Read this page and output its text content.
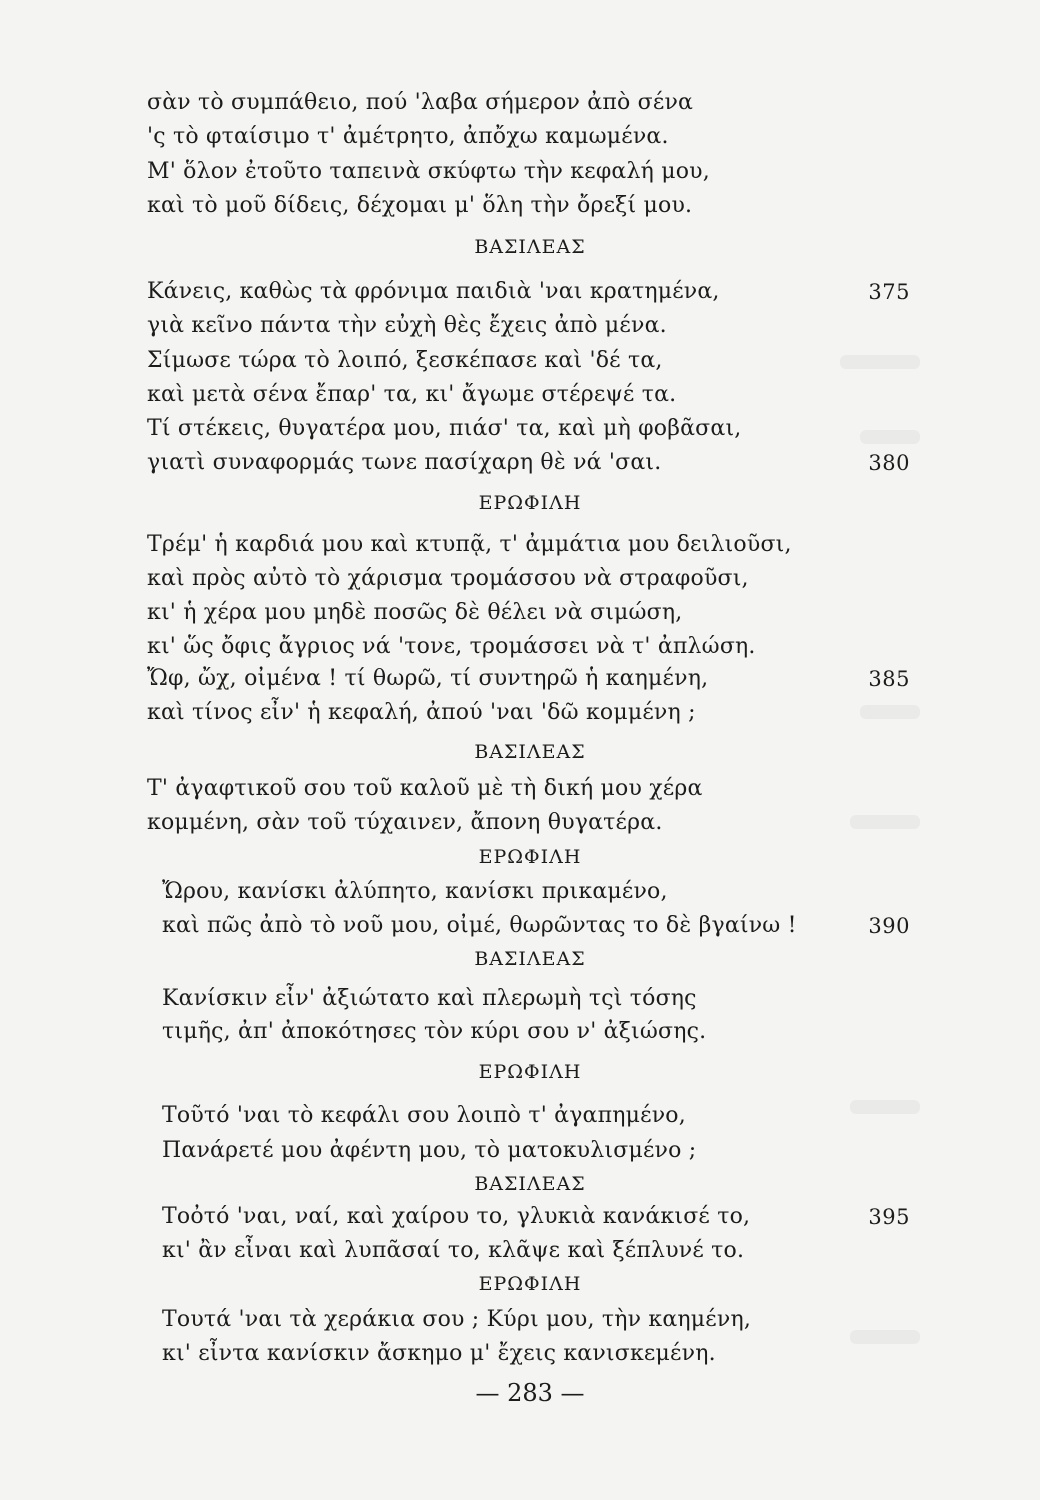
σὰν τὸ συμπάθειο, πού 'λαβα σήμερον ἀπὸ σένα
'ς τὸ φταίσιμο τ' ἀμέτρητο, ἀπὄχω καμωμένα.
Μ' ὅλον ἐτοῦτο ταπεινὰ σκύφτω τὴν κεφαλή μου,
καὶ τὸ μοῦ δίδεις, δέχομαι μ' ὅλη τὴν ὄρεξί μου.
ΒΑΣΙΛΕΑΣ
Κάνεις, καθὼς τὰ φρόνιμα παιδιὰ 'ναι κρατημένα,	375
γιὰ κεῖνο πάντα τὴν εὐχὴ θὲς ἔχεις ἀπὸ μένα.
Σίμωσε τώρα τὸ λοιπό, ξεσκέπασε καὶ 'δέ τα,
καὶ μετὰ σένα ἔπαρ' τα, κι' ἄγωμε στέρεψέ τα.
Τί στέκεις, θυγατέρα μου, πιάσ' τα, καὶ μὴ φοβᾶσαι,
γιατὶ συναφορμάς τωνε πασίχαρη θὲ νά 'σαι.	380
ΕΡΩΦΙΛΗ
Τρέμ' ἡ καρδιά μου καὶ κτυπᾷ, τ' ἀμμάτια μου δειλιοῦσι,
καὶ πρὸς αὐτὸ τὸ χάρισμα τρομάσσου νὰ στραφοῦσι,
κι' ἡ χέρα μου μηδὲ ποσῶς δὲ θέλει νὰ σιμώση,
κι' ὥς ὄφις ἄγριος νά 'τονε, τρομάσσει νὰ τ' ἀπλώση.
Ὤφ, ὤχ, οἰμένα ! τί θωρῶ, τί συντηρῶ ἡ καημένη,	385
καὶ τίνος εἶν' ἡ κεφαλή, ἀπού 'ναι 'δῶ κομμένη ;
ΒΑΣΙΛΕΑΣ
Τ' ἀγαφτικοῦ σου τοῦ καλοῦ μὲ τὴ δική μου χέρα
κομμένη, σὰν τοῦ τύχαινεν, ἄπονη θυγατέρα.
ΕΡΩΦΙΛΗ
Ὤρου, κανίσκι ἀλύπητο, κανίσκι πρικαμένο,
καὶ πῶς ἀπὸ τὸ νοῦ μου, οἰμέ, θωρῶντας το δὲ βγαίνω !	390
ΒΑΣΙΛΕΑΣ
Κανίσκιν εἶν' ἀξιώτατο καὶ πλερωμὴ τςὶ τόσης
τιμῆς, ἀπ' ἀποκότησες τὸν κύρι σου ν' ἀξιώσης.
ΕΡΩΦΙΛΗ
Τοῦτό 'ναι τὸ κεφάλι σου λοιπὸ τ' ἀγαπημένο,
Πανάρετέ μου ἀφέντη μου, τὸ ματοκυλισμένο ;
ΒΑΣΙΛΕΑΣ
Τοὀτό 'ναι, ναί, καὶ χαίρου το, γλυκιὰ κανάκισέ το,	395
κι' ἂν εἶναι καὶ λυπᾶσαί το, κλᾶψε καὶ ξέπλυνέ το.
ΕΡΩΦΙΛΗ
Τουτά 'ναι τὰ χεράκια σου ; Κύρι μου, τὴν καημένη,
κι' εἶντα κανίσκιν ἄσκημο μ' ἔχεις κανισκεμένη.
— 283 —
